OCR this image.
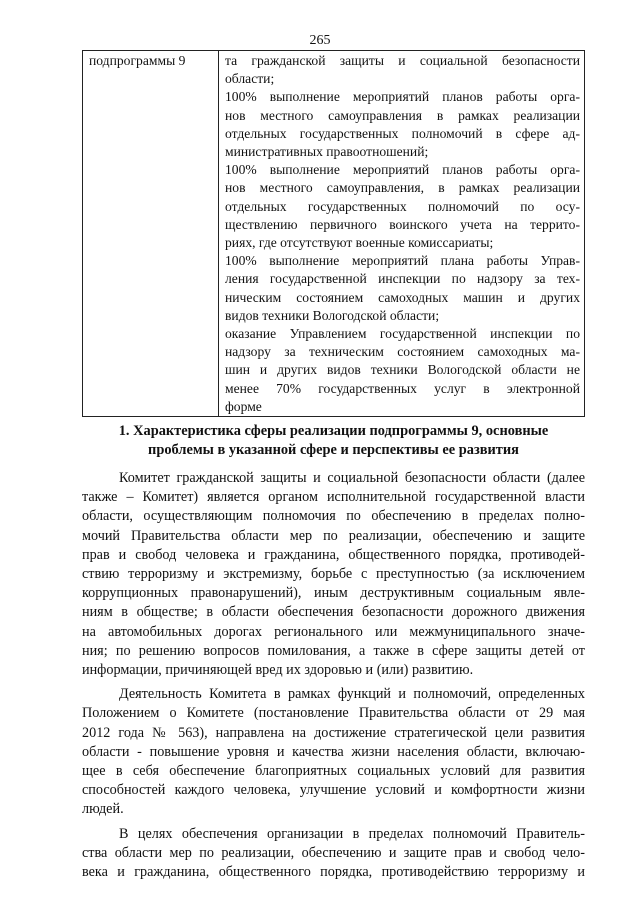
265
подпрограммы 9	та гражданской защиты и социальной безопасности
области;
100% выполнение мероприятий планов работы орга-
нов местного самоуправления в рамках реализации
отдельных государственных полномочий в сфере ад-
министративных правоотношений;
100% выполнение мероприятий планов работы орга-
нов местного самоуправления, в рамках реализации
отдельных государственных полномочий по осу-
ществлению первичного воинского учета на террито-
риях, где отсутствуют военные комиссариаты;
100% выполнение мероприятий плана работы Управ-
ления государственной инспекции по надзору за тех-
ническим состоянием самоходных машин и других
видов техники Вологодской области;
оказание Управлением государственной инспекции по
надзору за техническим состоянием самоходных ма-
шин и других видов техники Вологодской области не
менее 70% государственных услуг в электронной
форме
1. Характеристика сферы реализации подпрограммы 9, основные
проблемы в указанной сфере и перспективы ее развития
Комитет гражданской защиты и социальной безопасности области (далее
также – Комитет) является органом исполнительной государственной власти
области, осуществляющим полномочия по обеспечению в пределах полно-
мочий Правительства области мер по реализации, обеспечению и защите
прав и свобод человека и гражданина, общественного порядка, противодей-
ствию терроризму и экстремизму, борьбе с преступностью (за исключением
коррупционных правонарушений), иным деструктивным социальным явле-
ниям в обществе; в области обеспечения безопасности дорожного движения
на автомобильных дорогах регионального или межмуниципального значе-
ния; по решению вопросов помилования, а также в сфере защиты детей от
информации, причиняющей вред их здоровью и (или) развитию.
Деятельность Комитета в рамках функций и полномочий, определенных
Положением о Комитете (постановление Правительства области от 29 мая
2012 года № 563), направлена на достижение стратегической цели развития
области - повышение уровня и качества жизни населения области, включаю-
щее в себя обеспечение благоприятных социальных условий для развития
способностей каждого человека, улучшение условий и комфортности жизни
людей.
В целях обеспечения организации в пределах полномочий Правитель-
ства области мер по реализации, обеспечению и защите прав и свобод чело-
века и гражданина, общественного порядка, противодействию терроризму и
